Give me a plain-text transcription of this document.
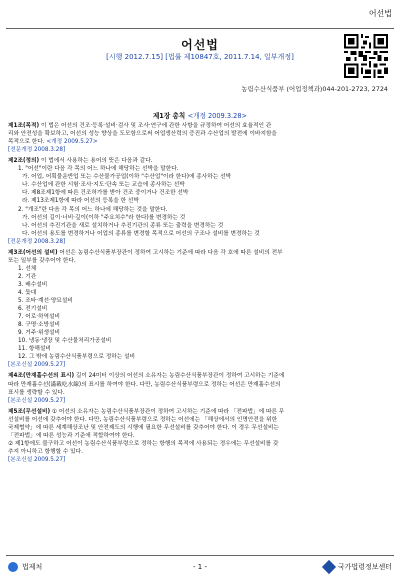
어선법
어선법
[시행 2012.7.15] [법률 제10847호, 2011.7.14, 일부개정]
농림수산식품부 (어업정책과)044-201-2723, 2724
제1장 총칙 <개정 2009.3.28>
제1조(목적) 이 법은 어선의 건조·등록·설비·검사 및 조사·연구에 관한 사항을 규정하여 어선의 효율적인 관
리와 안전성을 확보하고, 어선의 성능 향상을 도모함으로써 어업생산력의 증진과 수산업의 발전에 이바지함을
목적으로 한다. <개정 2009.5.27>
[전문개정 2008.3.28]
제2조(정의) 이 법에서 사용하는 용어의 뜻은 다음과 같다.
1. "어선"이란 다음 각 목의 어느 하나에 해당하는 선박을 말한다.
가. 어업, 어획물운반업 또는 수산물가공업(이하 "수산업"이라 한다)에 종사하는 선박
나. 수산업에 관한 시험·조사·지도·단속 또는 교습에 종사하는 선박
다. 제8조제1항에 따른 건조허가를 받아 건조 중이거나 건조한 선박
라. 제13조제1항에 따라 어선의 등록을 한 선박
2. "개조"란 다음 각 목의 어느 하나에 해당하는 것을 말한다.
가. 어선의 길이·너비·깊이(이하 "주요치수"라 한다)를 변경하는 것
나. 어선의 추진기관을 새로 설치하거나 추진기관의 종류 또는 출력을 변경하는 것
다. 어선의 용도를 변경하거나 어업의 종류를 변경할 목적으로 어선의 구조나 설비를 변경하는 것
[전문개정 2008.3.28]
제3조(어선의 설비) 어선은 농림수산식품부장관이 정하여 고시하는 기준에 따라 다음 각 호에 따른 설비의 전부
또는 일부를 갖추어야 한다.
1. 선체
2. 기관
3. 배수설비
4. 돛대
5. 조타·계선·양묘설비
6. 전기설비
7. 어로·하역설비
8. 구명·소방설비
9. 거주·위생설비
10. 냉동·냉장 및 수산물처리가공설비
11. 항해설비
12. 그 밖에 농림수산식품부령으로 정하는 설비
[본조신설 2009.5.27]
제4조(만재흘수선의 표시) 길이 24미터 이상의 어선의 소유자는 농림수산식품부장관이 정하여 고시하는 기준에
따라 만재흘수선(滿載吃水線)의 표시를 하여야 한다. 다만, 농림수산식품부령으로 정하는 어선은 만재흘수선의
표시를 생략할 수 있다.
[본조신설 2009.5.27]
제5조(무선설비) ① 어선의 소유자는 농림수산식품부장관이 정하여 고시하는 기준에 따라 「전파법」에 따른 무
선설비를 어선에 갖추어야 한다. 다만, 농림수산식품부령으로 정하는 어선에는 「해상에서의 인명안전을 위한
국제협약」에 따른 세계해상조난 및 안전제도의 시행에 필요한 무선설비를 갖추어야 한다. 이 경우 무선설비는
「전파법」에 따른 성능과 기준에 적합하여야 한다.
② 제1항에도 불구하고 어선이 농림수산식품부령으로 정하는 항행의 목적에 사용되는 경우에는 무선설비를 갖
추지 아니하고 항행할 수 있다.
[본조신설 2009.5.27]
법제처	- 1 -	국가법령정보센터
